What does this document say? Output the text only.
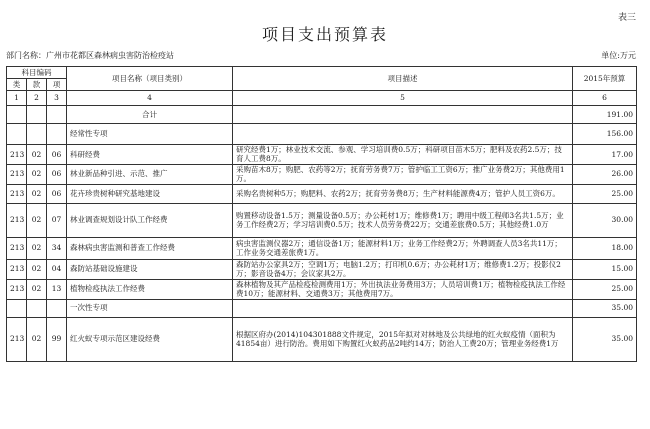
表三
项目支出预算表
部门名称：广州市花都区森林病虫害防治检疫站	单位:万元
科目编码			项目名称（项目类别）	项目描述	2015年预算
类	款	项			
1	2	3	4	5	6
			合计		191.00
			经常性专项		156.00
213	02	06	科研经费	研究经费1万；林业技术交流、参观、学习培训费0.5万；科研项目苗木5万；肥料及农药2.5万；技育人工费8万。	17.00
213	02	06	林业新品种引进、示范、推广	采购苗木8万；购肥、农药等2万；抚育劳务费7万；管护临工工资6万；推广业务费2万；其他费用1万。	26.00
213	02	06	花卉珍贵树种研究基地建设	采购名贵树种5万；购肥料、农药2万；抚育劳务费8万；生产材料能源费4万；管护人员工资6万。	25.00
213	02	07	林业调查规划设计队工作经费	购置移动设备1.5万；测量设备0.5万；办公耗材1万；维修费1万；聘用中级工程师3名共1.5万；业务工作经费2万；学习培训费0.5万；技术人员劳务费22万；交通差旅费0.5万；其他经费1.0万	30.00
213	02	34	森林病虫害监测和普查工作经费	病虫害监测仪器2万；通信设备1万；能源材料1万；业务工作经费2万；外聘调查人员3名共11万；工作业务交通差旅费1万。	18.00
213	02	04	森防站基础设施建设	森防站办公家具2万；空调1万；电脑1.2万；打印机0.6万；办公耗材1万；维修费1.2万；投影仪2万；影音设备4万；会议家具2万。	15.00
213	02	13	植物检疫执法工作经费	森林植物及其产品检疫检测费用1万；外出执法业务费用3万；人员培训费1万；植物检疫执法工作经费10万；能源材料、交通费3万；其他费用7万。	25.00
			一次性专项		35.00
213	02	99	红火蚁专项示范区建设经费	根据区府办(2014)104301888文件规定，2015年拟对对林地及公共绿地的红火蚁疫情（面积为41854亩）进行防治。费用如下购置红火蚁药品2吨约14万；防治人工费20万；管理业务经费1万	35.00
